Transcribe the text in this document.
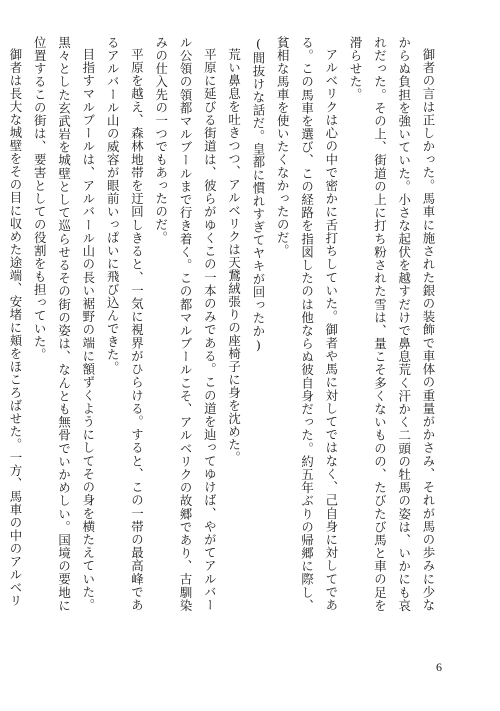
御者の言は正しかった。馬車に施された銀の装飾で車体の重量がかさみ、それが馬の歩みに少なからぬ負担を強いていた。小さな起伏を越すだけで鼻息荒く汗かく二頭の牡馬の姿は、いかにも哀れだった。その上、街道の上に打ち粉された雪は、量こそ多くないものの、たびたび馬と車の足を滑らせた。

アルベリクは心の中で密かに舌打ちしていた。御者や馬に対してではなく、己自身に対してである。この馬車を選び、この経路を指図したのは他ならぬ彼自身だった。約五年ぶりの帰郷に際し、貧相な馬車を使いたくなかったのだ。

(間抜けな話だ。皇都に慣れすぎてヤキが回ったか)

荒い鼻息を吐きつつ、アルベリクは天鵞絨張りの座椅子に身を沈めた。

平原に延びる街道は、彼らがゆくこの一本のみである。この道を辿ってゆけば、やがてアルバール公領の領都マルブールまで行き着く。この都マルブールこそ、アルベリクの故郷であり、古馴染みの仕入先の一つでもあったのだ。

平原を越え、森林地帯を迂回しきると、一気に視界がひらける。すると、この一帯の最高峰であるアルバール山の威容が眼前いっぱいに飛び込んできた。

目指すマルブールは、アルバール山の長い裾野の端に額ずくようにしてその身を横たえていた。黒々とした玄武岩を城壁として巡らせるその街の姿は、なんとも無骨でいかめしい。国境の要地に位置するこの街は、要害としての役割をも担っていた。

御者は長大な城壁をその目に収めた途端、安堵に頬をほころばせた。一方、馬車の中のアルベリ

6
